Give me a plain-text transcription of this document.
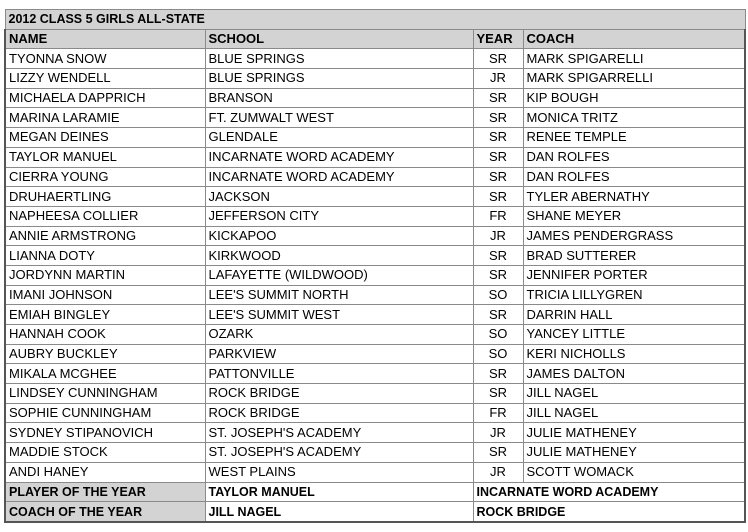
2012 CLASS 5 GIRLS ALL-STATE			
NAME	SCHOOL	YEAR	COACH
TYONNA SNOW	BLUE SPRINGS	SR	MARK SPIGARELLI
LIZZY WENDELL	BLUE SPRINGS	JR	MARK SPIGARRELLI
MICHAELA DAPPRICH	BRANSON	SR	KIP BOUGH
MARINA LARAMIE	FT. ZUMWALT WEST	SR	MONICA TRITZ
MEGAN DEINES	GLENDALE	SR	RENEE TEMPLE
TAYLOR MANUEL	INCARNATE WORD ACADEMY	SR	DAN ROLFES
CIERRA YOUNG	INCARNATE WORD ACADEMY	SR	DAN ROLFES
DRUHAERTLING	JACKSON	SR	TYLER ABERNATHY
NAPHEESA COLLIER	JEFFERSON CITY	FR	SHANE MEYER
ANNIE ARMSTRONG	KICKAPOO	JR	JAMES PENDERGRASS
LIANNA DOTY	KIRKWOOD	SR	BRAD SUTTERER
JORDYNN MARTIN	LAFAYETTE (WILDWOOD)	SR	JENNIFER PORTER
IMANI JOHNSON	LEE'S SUMMIT NORTH	SO	TRICIA LILLYGREN
EMIAH BINGLEY	LEE'S SUMMIT WEST	SR	DARRIN HALL
HANNAH COOK	OZARK	SO	YANCEY LITTLE
AUBRY BUCKLEY	PARKVIEW	SO	KERI NICHOLLS
MIKALA MCGHEE	PATTONVILLE	SR	JAMES DALTON
LINDSEY CUNNINGHAM	ROCK BRIDGE	SR	JILL NAGEL
SOPHIE CUNNINGHAM	ROCK BRIDGE	FR	JILL NAGEL
SYDNEY STIPANOVICH	ST. JOSEPH'S ACADEMY	JR	JULIE MATHENEY
MADDIE STOCK	ST. JOSEPH'S ACADEMY	SR	JULIE MATHENEY
ANDI HANEY	WEST PLAINS	JR	SCOTT WOMACK
PLAYER OF THE YEAR	TAYLOR MANUEL	INCARNATE WORD ACADEMY	
COACH OF THE YEAR	JILL NAGEL	ROCK BRIDGE	
